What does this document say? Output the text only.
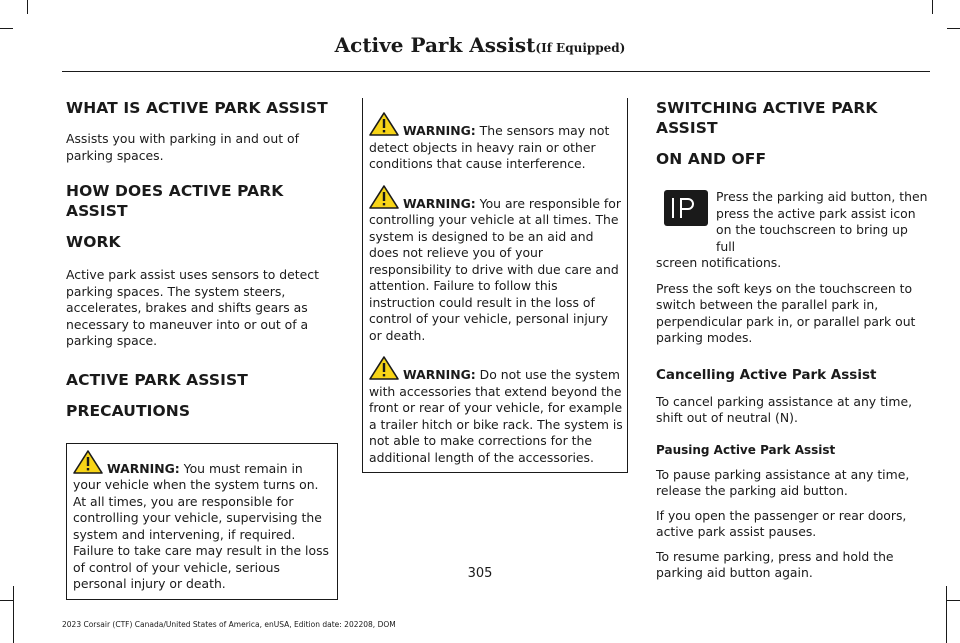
Active Park Assist(If Equipped)
WHAT IS ACTIVE PARK ASSIST

Assists you with parking in and out of parking spaces.

HOW DOES ACTIVE PARK ASSIST
WORK

Active park assist uses sensors to detect parking spaces. The system steers, accelerates, brakes and shifts gears as necessary to maneuver into or out of a parking space.

ACTIVE PARK ASSIST
PRECAUTIONS

WARNING: You must remain in your vehicle when the system turns on. At all times, you are responsible for controlling your vehicle, supervising the system and intervening, if required. Failure to take care may result in the loss of control of your vehicle, serious personal injury or death.

WARNING: The sensors may not detect objects in heavy rain or other conditions that cause interference.

WARNING: You are responsible for controlling your vehicle at all times. The system is designed to be an aid and does not relieve you of your responsibility to drive with due care and attention. Failure to follow this instruction could result in the loss of control of your vehicle, personal injury or death.

WARNING: Do not use the system with accessories that extend beyond the front or rear of your vehicle, for example a trailer hitch or bike rack. The system is not able to make corrections for the additional length of the accessories.

SWITCHING ACTIVE PARK ASSIST
ON AND OFF

Press the parking aid button, then press the active park assist icon on the touchscreen to bring up full

screen notifications.

Press the soft keys on the touchscreen to switch between the parallel park in, perpendicular park in, or parallel park out parking modes.

Cancelling Active Park Assist

To cancel parking assistance at any time, shift out of neutral (N).

Pausing Active Park Assist

To pause parking assistance at any time, release the parking aid button.

If you open the passenger or rear doors, active park assist pauses.

To resume parking, press and hold the parking aid button again.

305
2023 Corsair (CTF) Canada/United States of America, enUSA, Edition date: 202208, DOM
